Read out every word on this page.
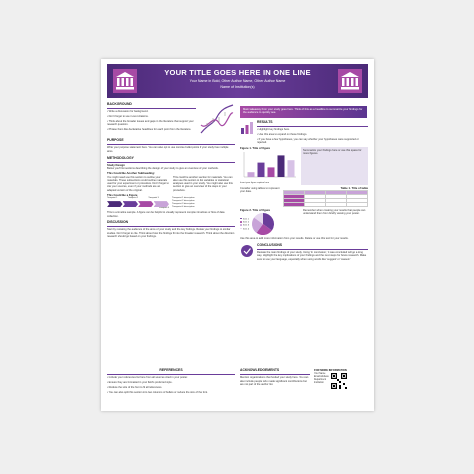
YOUR TITLE GOES HERE IN ONE LINE
Your Name in Bold, Other Author Name, Other Author Name
Name of Institution(s)
BACKGROUND
• Write a discussion for background.
• Don't forget to use in-text citations.
• Think about the broader issues and gaps in the literature that support your research question.
• Phrase them like declarative headlines for each point from the literature.
PURPOSE
Write your purpose statement here. You can also opt to use concise bullet points if your study has multiple aims.
METHODOLOGY
Study Design
Below you'll list sections describing the design of your study to give an overview of your methods.
This Could Be Another Subheading:
You might need use this section to outline your materials. These subsections could outline materials used for your experiment or procedure. Don't forget to cite your sources, even if your methods are an adapted version of the original.
This could be another section for materials. You can also use this section to list variables or statistical analyses used in your study. You might also use this section to give an overview of the steps in your procedure.
This Could Be a Figure
Timepoint 1	Timepoint 2	Timepoint 3
Timepoint 4
Timepoint 1 description
Timepoint 2 description
Timepoint 3 description
Timepoint 4 description
This is a timeline sample. A figure can be helpful to visually represent complex timelines or flow of data collection.
DISCUSSION
Start by restating the audience of the aims of your study and the key findings. Relate your findings to similar studies. Don't forget to cite. Think about how the findings fit into the broader research. Think about the direction research should go based on your findings.
Main takeaway from your study goes here. Think of this as a headline to summarize your findings for the audience to quickly see.
RESULTS
• Highlight key findings here.
• Use this area to expand on these findings.
• If you have a few hypotheses, you can say whether your hypotheses were supported or rejected.
Figure 1. Title of figure
Insert your figure caption here
Summarize your findings here or use this space for more figures.
Consider using tables to represent your data.
Table 1. Title of table

Figure 2. Title of figure
Item 1
Item 2
Item 3
Item 4
Remember when creating your results that people can understand them from briefly viewing your poster.
Use this area to add more information from your results. Delete or use this text for your results.
CONCLUSIONS
Restate the main findings of your study. Using 'In conclusion,' it was concluded will go a long way. Highlight the key implications of your findings and the next steps for future research. Make sure to use your language, especially when using words like 'suggest' or 'caused.'
REFERENCES
• Include your references list here from all sources cited in your poster.
• Ensure they are formatted in your field's preferred style.
• Reduce the size of the font to fit all references.
• You can also split this section into two columns of bullets or reduce the size of the font.
ACKNOWLEDGEMENTS
Mention organizations that funded your study here. You can also include people who made significant contributions but are not part of the author list.
FOR MORE INFORMATION
Your Name
Email Address
Department
Institution
